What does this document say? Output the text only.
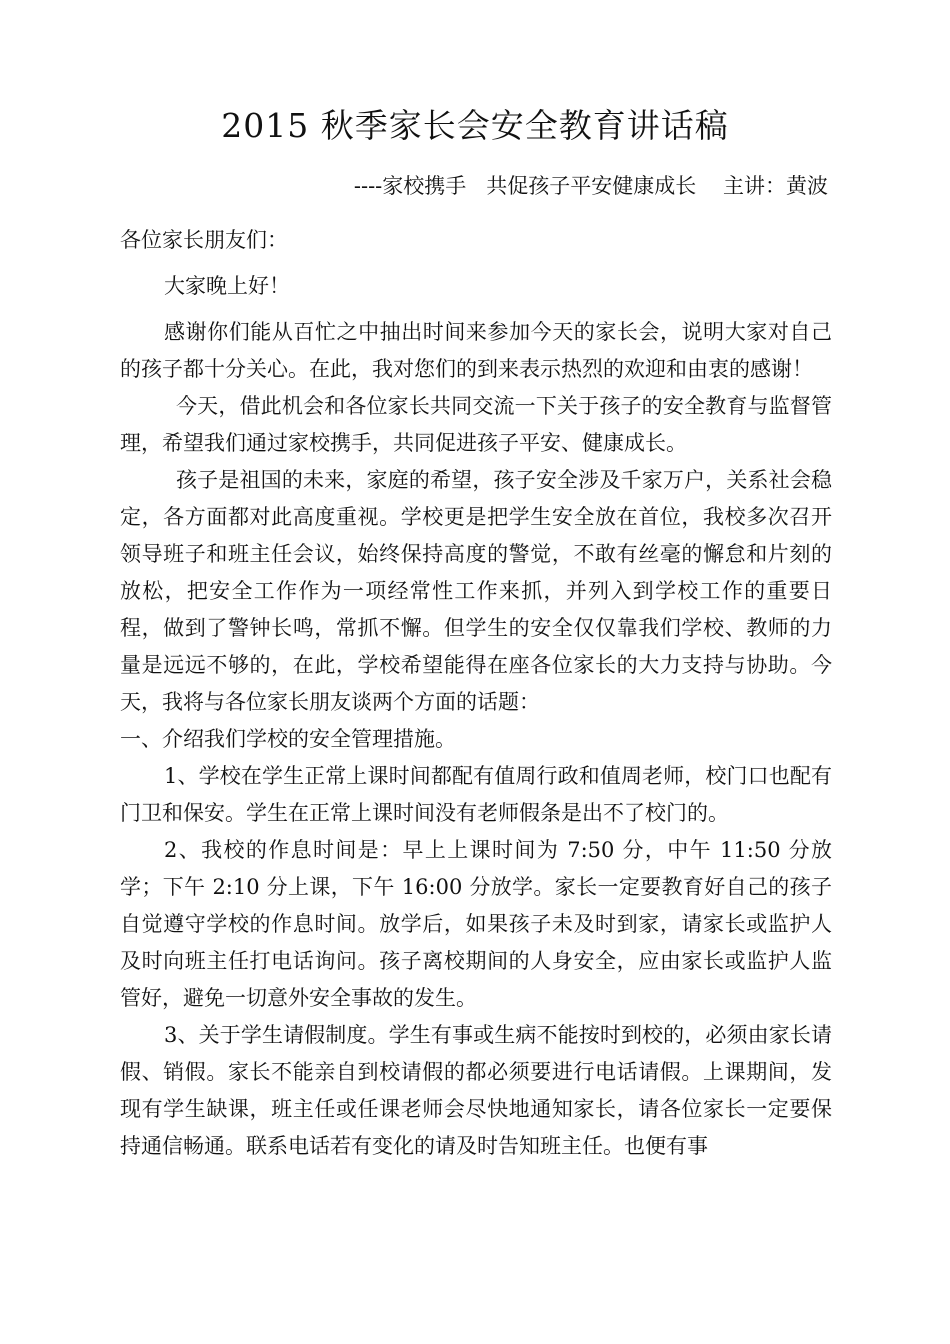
2015 秋季家长会安全教育讲话稿

----家校携手   共促孩子平安健康成长    主讲：黄波

各位家长朋友们：

大家晚上好！

感谢你们能从百忙之中抽出时间来参加今天的家长会，说明大家对自己的孩子都十分关心。在此，我对您们的到来表示热烈的欢迎和由衷的感谢！

今天，借此机会和各位家长共同交流一下关于孩子的安全教育与监督管理，希望我们通过家校携手，共同促进孩子平安、健康成长。

孩子是祖国的未来，家庭的希望，孩子安全涉及千家万户，关系社会稳定，各方面都对此高度重视。学校更是把学生安全放在首位，我校多次召开领导班子和班主任会议，始终保持高度的警觉，不敢有丝毫的懈怠和片刻的放松，把安全工作作为一项经常性工作来抓，并列入到学校工作的重要日程，做到了警钟长鸣，常抓不懈。但学生的安全仅仅靠我们学校、教师的力量是远远不够的，在此，学校希望能得在座各位家长的大力支持与协助。今天，我将与各位家长朋友谈两个方面的话题：

一、介绍我们学校的安全管理措施。

1、学校在学生正常上课时间都配有值周行政和值周老师，校门口也配有门卫和保安。学生在正常上课时间没有老师假条是出不了校门的。

2、我校的作息时间是：早上上课时间为 7:50 分，中午 11:50 分放学；下午 2:10 分上课，下午 16:00 分放学。家长一定要教育好自己的孩子自觉遵守学校的作息时间。放学后，如果孩子未及时到家，请家长或监护人及时向班主任打电话询问。孩子离校期间的人身安全，应由家长或监护人监管好，避免一切意外安全事故的发生。

3、关于学生请假制度。学生有事或生病不能按时到校的，必须由家长请假、销假。家长不能亲自到校请假的都必须要进行电话请假。上课期间，发现有学生缺课，班主任或任课老师会尽快地通知家长，请各位家长一定要保持通信畅通。联系电话若有变化的请及时告知班主任。也便有事
